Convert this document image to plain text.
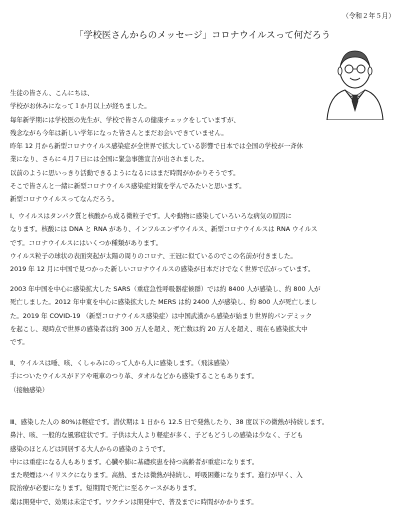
（令和２年５月）
「学校医さんからのメッセージ」コロナウイルスって何だろう
生徒の皆さん、こんにちは、
学校がお休みになって１か月以上が経ちました。
毎年新学期には学校医の先生が、学校で皆さんの健康チェックをしていますが、
残念ながら今年は新しい学年になった皆さんとまだお会いできていません。
昨年 12 月から新型コロナウイルス感染症が全世界で拡大している影響で日本では全国の学校が一斉休
業になり、さらに４月７日には全国に緊急事態宣言が出されました。
以前のように思いっきり活動できるようになるにはまだ時間がかかりそうです。
そこで皆さんと一緒に新型コロナウイルス感染症対策を学んでみたいと思います。
新型コロナウイルスってなんだろう。
Ⅰ、ウイルスはタンパク質と核酸から成る微粒子です。人や動物に感染していろいろな病気の原因に
なります。核酸には DNA と RNA があり、インフルエンザウイルス、新型コロナウイルスは RNA ウイルス
です。コロナウイルスにはいくつか種類があります。
ウイルス粒子の球状の表面突起が太陽の周りのコロナ、王冠に似ているのでこの名前が付きました。
2019 年 12 月に中国で見つかった新しいコロナウイルスの感染が日本だけでなく世界で広がっています。
2003 年中国を中心に感染拡大した SARS（重症急性呼吸器症候群）では約 8400 人が感染し、約 800 人が
死亡しました。2012 年中東を中心に感染拡大した MERS は約 2400 人が感染し、約 800 人が死亡しまし
た。2019 年 COVID-19 （新型コロナウイルス感染症）は中国武漢から感染が始まり世界的パンデミック
を起こし、現時点で世界の感染者は約 300 万人を超え、死亡数は約 20 万人を超え、現在も感染拡大中
です。
Ⅱ、ウイルスは唾、咳、くしゃみにのって人から人に感染します。（飛沫感染）
手についたウイルスがドアや電車のつり革、タオルなどから感染することもあります。
（接触感染）
Ⅲ、感染した人の 80%は軽症です。潜伏期は 1 日から 12.5 日で発熱したり、38 度以下の微熱が持続します。
鼻汁、咳、一般的な風邪症状です。子供は大人より軽症が多く、子どもどうしの感染は少なく、子ども
感染のほとんどは同居する大人からの感染のようです。
中には重症になる人もあります。心臓や肺に基礎疾患を持つ高齢者が重症になります。
また喫煙はハイリスクになります。高熱、または微熱が持続し、呼吸困難になります。進行が早く、入
院治療が必要になります。短期間で死亡に至るケースがあります。
薬は開発中で、効果は未定です。ワクチンは開発中で、普及までに時間がかかります。
